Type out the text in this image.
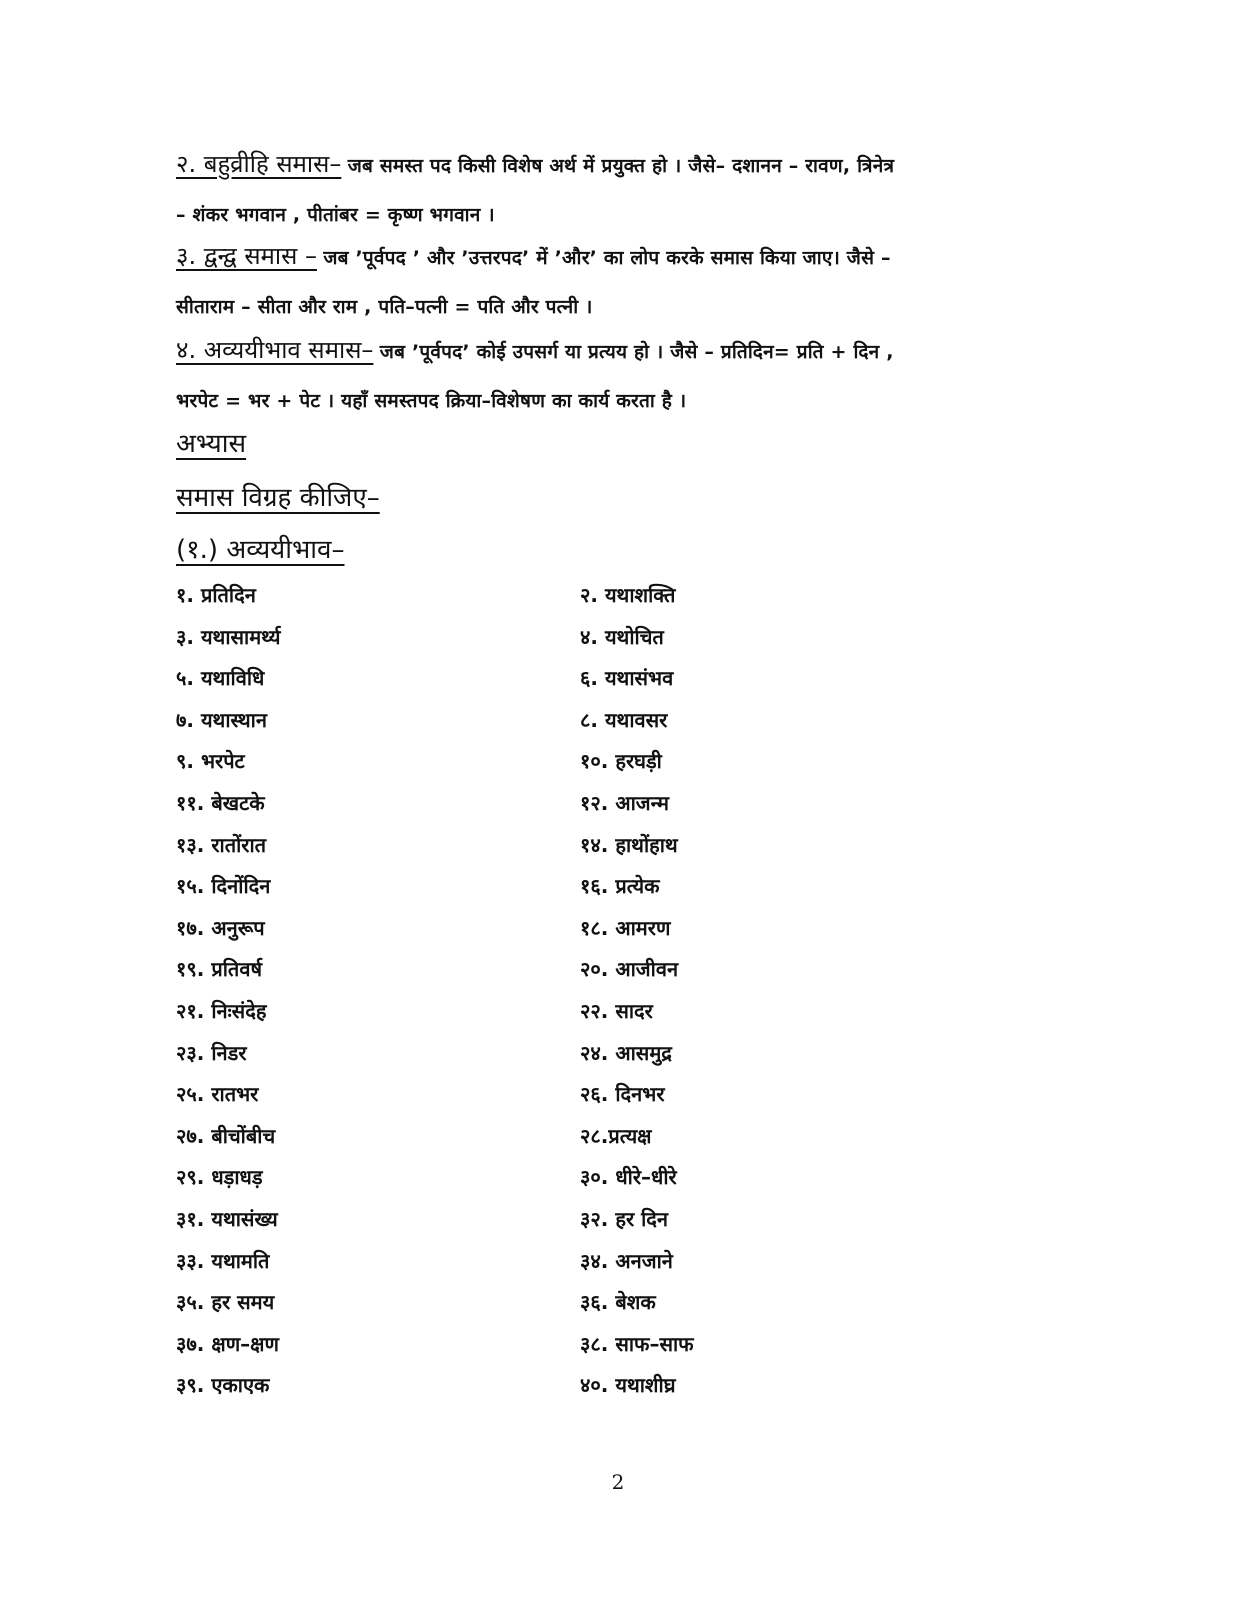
२. बहुव्रीहि समास– जब समस्त पद किसी विशेष अर्थ में प्रयुक्त हो । जैसे– दशानन – रावण, त्रिनेत्र
– शंकर भगवान , पीतांबर = कृष्ण भगवान ।
३. द्वन्द्व समास – जब ’पूर्वपद ’ और ’उत्तरपद’ में ’और’ का लोप करके समास किया जाए। जैसे –
सीताराम – सीता और राम , पति–पत्नी = पति और पत्नी ।
४. अव्ययीभाव समास– जब ’पूर्वपद’ कोई उपसर्ग या प्रत्यय हो । जैसे – प्रतिदिन= प्रति + दिन ,
भरपेट = भर + पेट । यहाँ समस्तपद क्रिया–विशेषण का कार्य करता है ।
अभ्यास
समास विग्रह कीजिए–
(१.) अव्ययीभाव–
१. प्रतिदिन	२. यथाशक्ति
३. यथासामर्थ्य	४. यथोचित
५. यथाविधि	६. यथासंभव
७. यथास्थान	८. यथावसर
९. भरपेट	१०. हरघड़ी
११. बेखटके	१२. आजन्म
१३. रातोंरात	१४. हाथोंहाथ
१५. दिनोंदिन	१६. प्रत्येक
१७. अनुरूप	१८. आमरण
१९. प्रतिवर्ष	२०. आजीवन
२१. निःसंदेह	२२. सादर
२३. निडर	२४. आसमुद्र
२५. रातभर	२६. दिनभर
२७. बीचोंबीच	२८.प्रत्यक्ष
२९. धड़ाधड़	३०. धीरे–धीरे
३१. यथासंख्य	३२. हर दिन
३३. यथामति	३४. अनजाने
३५. हर समय	३६. बेशक
३७. क्षण–क्षण	३८. साफ–साफ
३९. एकाएक	४०. यथाशीघ्र
2
